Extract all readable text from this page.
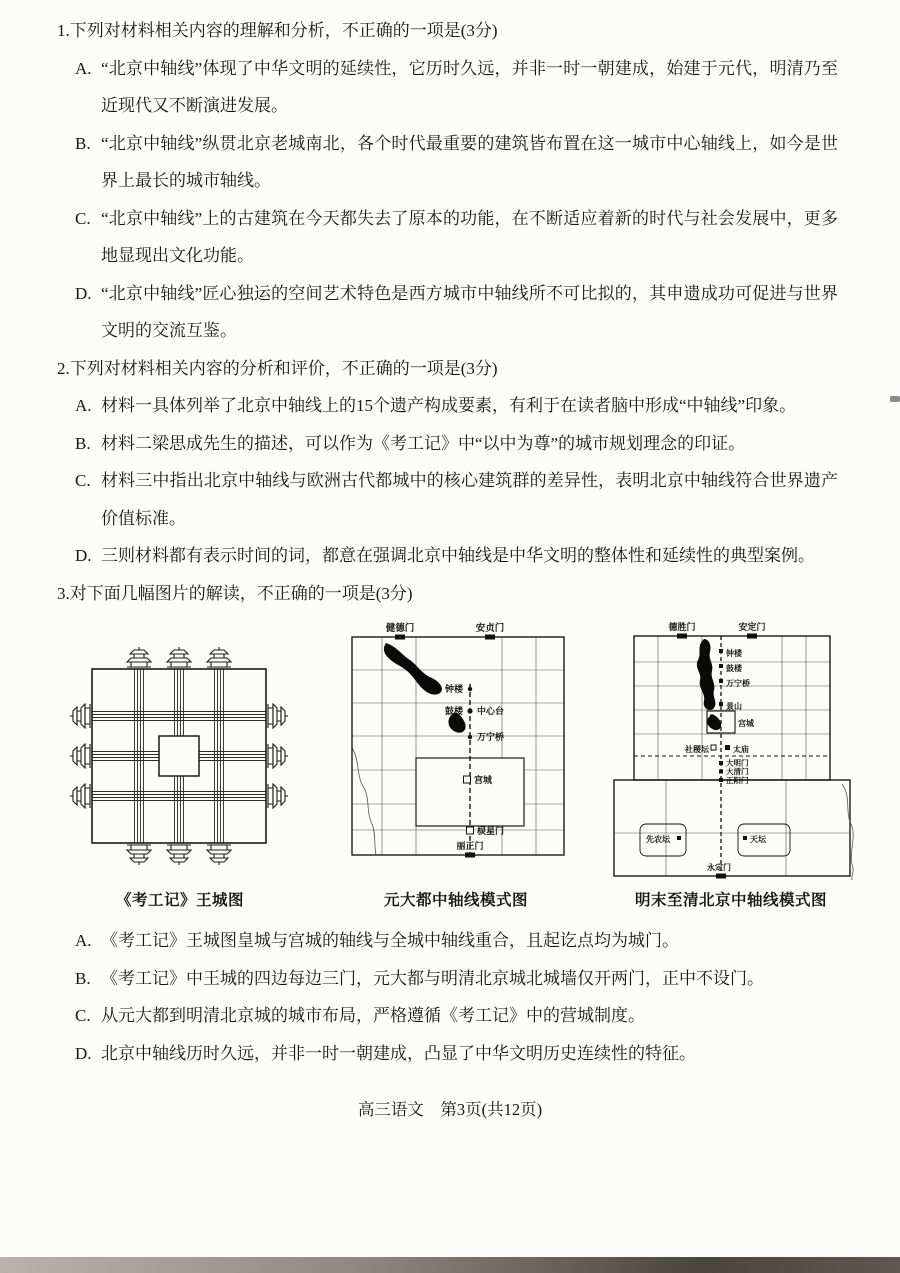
1.下列对材料相关内容的理解和分析，不正确的一项是(3分)
A. “北京中轴线”体现了中华文明的延续性，它历时久远，并非一时一朝建成，始建于元代，明清乃至近现代又不断演进发展。
B. “北京中轴线”纵贯北京老城南北，各个时代最重要的建筑皆布置在这一城市中心轴线上，如今是世界上最长的城市轴线。
C. “北京中轴线”上的古建筑在今天都失去了原本的功能，在不断适应着新的时代与社会发展中，更多地显现出文化功能。
D. “北京中轴线”匠心独运的空间艺术特色是西方城市中轴线所不可比拟的，其申遗成功可促进与世界文明的交流互鉴。
2.下列对材料相关内容的分析和评价，不正确的一项是(3分)
A. 材料一具体列举了北京中轴线上的15个遗产构成要素，有利于在读者脑中形成“中轴线”印象。
B. 材料二梁思成先生的描述，可以作为《考工记》中“以中为尊”的城市规划理念的印证。
C. 材料三中指出北京中轴线与欧洲古代都城中的核心建筑群的差异性，表明北京中轴线符合世界遗产价值标准。
D. 三则材料都有表示时间的词，都意在强调北京中轴线是中华文明的整体性和延续性的典型案例。
3.对下面几幅图片的解读，不正确的一项是(3分)
《考工记》王城图
健德门	安贞门
钟楼
鼓楼 中心台
万宁桥
宫城
棂星门
丽正门
元大都中轴线模式图
德胜门	安定门
钟楼
鼓楼
万宁桥
景山
宫城
社稷坛	太庙
大明门
大清门
正阳门
先农坛	天坛
永定门
明末至清北京中轴线模式图
A. 《考工记》王城图皇城与宫城的轴线与全城中轴线重合，且起讫点均为城门。
B. 《考工记》中王城的四边每边三门，元大都与明清北京城北城墙仅开两门，正中不设门。
C. 从元大都到明清北京城的城市布局，严格遵循《考工记》中的营城制度。
D. 北京中轴线历时久远，并非一时一朝建成，凸显了中华文明历史连续性的特征。
高三语文　第3页(共12页)
